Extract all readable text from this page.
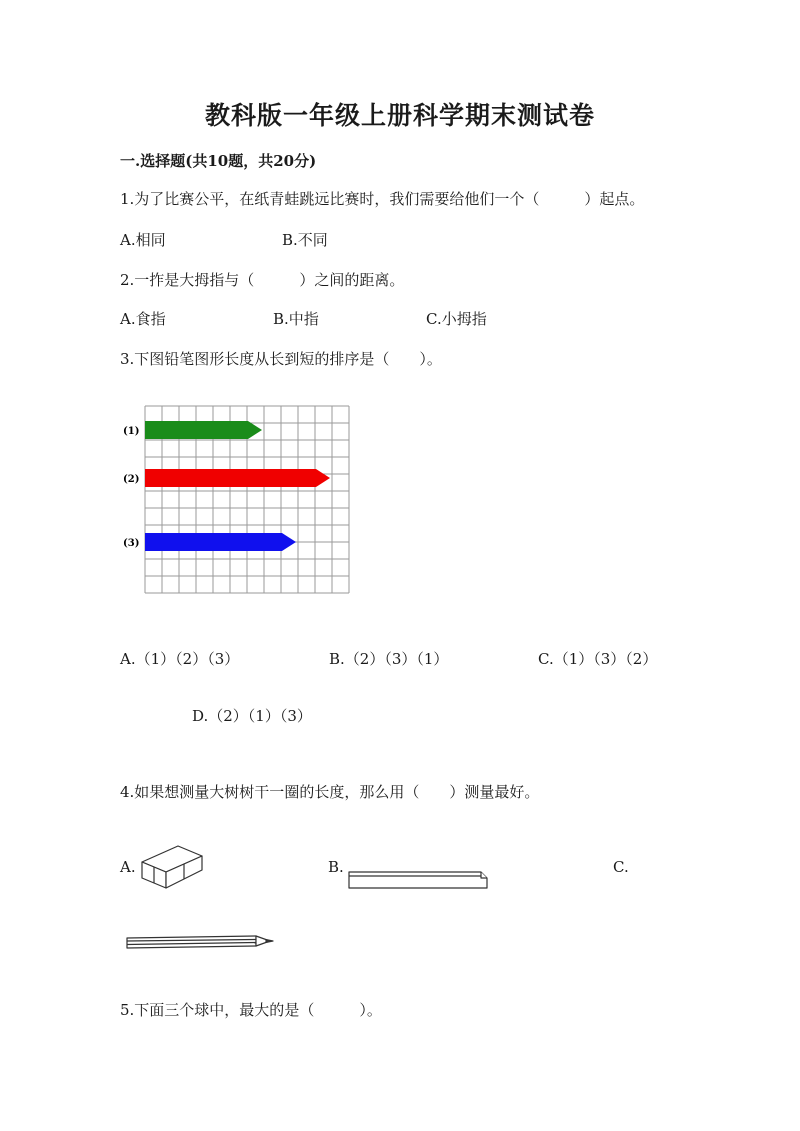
教科版一年级上册科学期末测试卷
一.选择题(共10题，共20分)
1.为了比赛公平，在纸青蛙跳远比赛时，我们需要给他们一个（　　　）起点。
A.相同	B.不同
2.一拃是大拇指与（　　　）之间的距离。
A.食指	B.中指	C.小拇指
3.下图铅笔图形长度从长到短的排序是（　　）。
(1)
(2)
(3)
A.（1）（2）（3）	B.（2）（3）（1）	C.（1）（3）（2）
D.（2）（1）（3）
4.如果想测量大树树干一圈的长度，那么用（　　）测量最好。
A.	B.	C.
5.下面三个球中，最大的是（　　　）。
